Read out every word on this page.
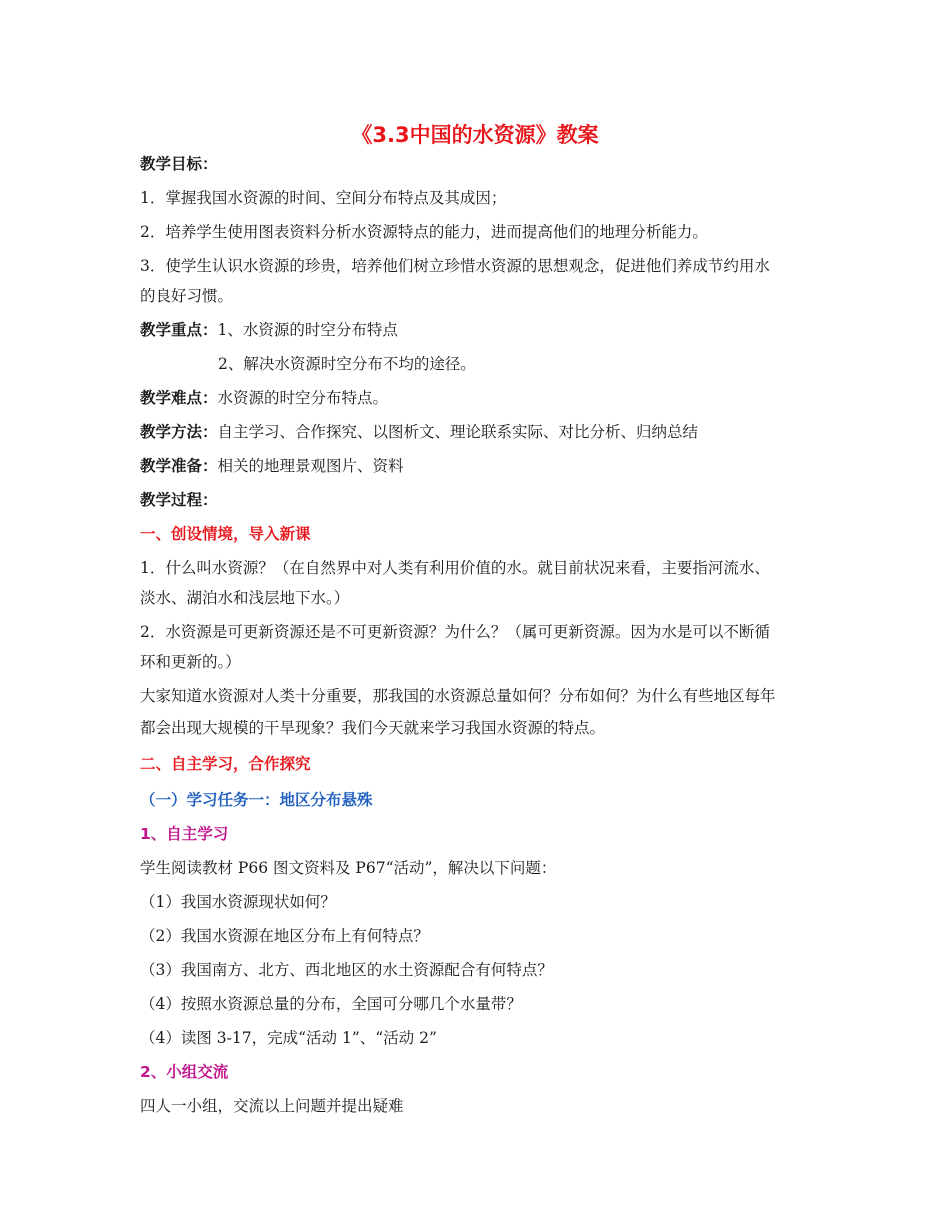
《3.3中国的水资源》教案
教学目标：
1．掌握我国水资源的时间、空间分布特点及其成因；
2．培养学生使用图表资料分析水资源特点的能力，进而提高他们的地理分析能力。
3．使学生认识水资源的珍贵，培养他们树立珍惜水资源的思想观念，促进他们养成节约用水
的良好习惯。
教学重点：1、水资源的时空分布特点
2、解决水资源时空分布不均的途径。
教学难点：水资源的时空分布特点。
教学方法：自主学习、合作探究、以图析文、理论联系实际、对比分析、归纳总结
教学准备：相关的地理景观图片、资料
教学过程：
一、创设情境，导入新课
1．什么叫水资源？（在自然界中对人类有利用价值的水。就目前状况来看，主要指河流水、
淡水、湖泊水和浅层地下水。）
2．水资源是可更新资源还是不可更新资源？为什么？（属可更新资源。因为水是可以不断循
环和更新的。）
大家知道水资源对人类十分重要，那我国的水资源总量如何？分布如何？为什么有些地区每年
都会出现大规模的干旱现象？我们今天就来学习我国水资源的特点。
二、自主学习，合作探究
（一）学习任务一：地区分布悬殊
1、自主学习
学生阅读教材 P66 图文资料及 P67“活动”，解决以下问题：
（1）我国水资源现状如何？
（2）我国水资源在地区分布上有何特点？
（3）我国南方、北方、西北地区的水土资源配合有何特点？
（4）按照水资源总量的分布，全国可分哪几个水量带？
（4）读图 3-17，完成“活动 1”、“活动 2”
2、小组交流
四人一小组，交流以上问题并提出疑难
